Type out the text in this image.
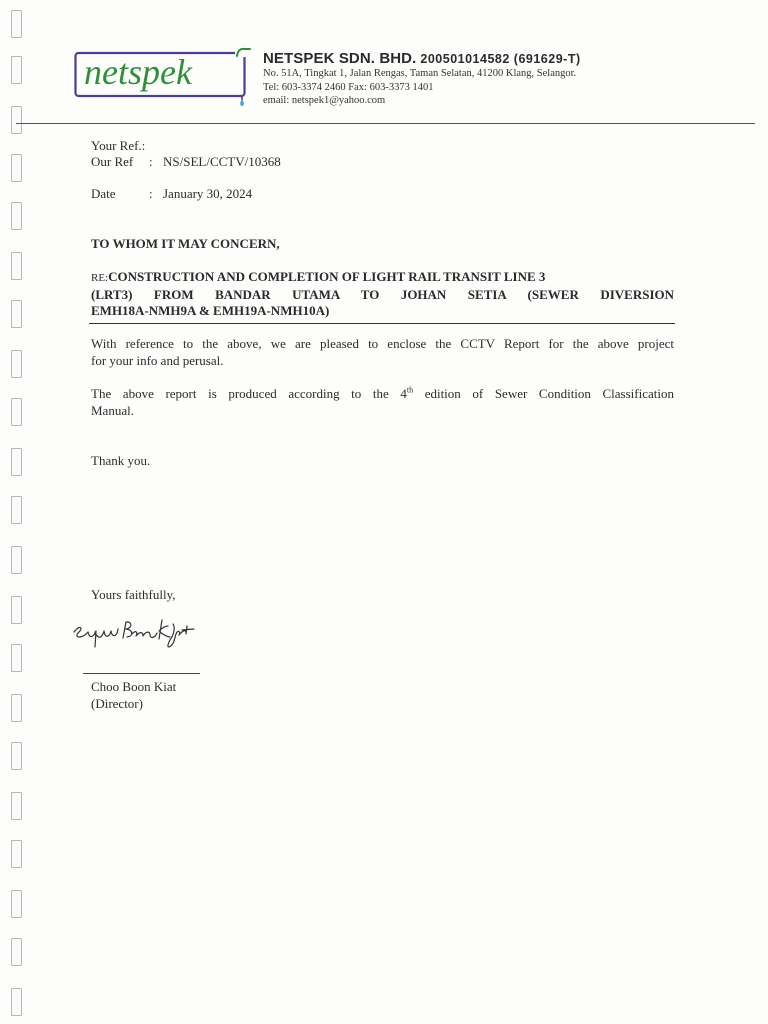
netspek	NETSPEK SDN. BHD. 200501014582 (691629-T)
No. 51A, Tingkat 1, Jalan Rengas, Taman Selatan, 41200 Klang, Selangor.
Tel: 603-3374 2460 Fax: 603-3373 1401
email: netspek1@yahoo.com
Your Ref.:
Our Ref : NS/SEL/CCTV/10368
Date	: January 30, 2024
TO WHOM IT MAY CONCERN,
RE:CONSTRUCTION AND COMPLETION OF LIGHT RAIL TRANSIT LINE 3
(LRT3) FROM BANDAR UTAMA TO JOHAN SETIA (SEWER DIVERSION
EMH18A-NMH9A & EMH19A-NMH10A)
With reference to the above, we are pleased to enclose the CCTV Report for the above project
for your info and perusal.
The above report is produced according to the 4th edition of Sewer Condition Classification
Manual.
Thank you.
Yours faithfully,
Choo Boon Kiat
(Director)
